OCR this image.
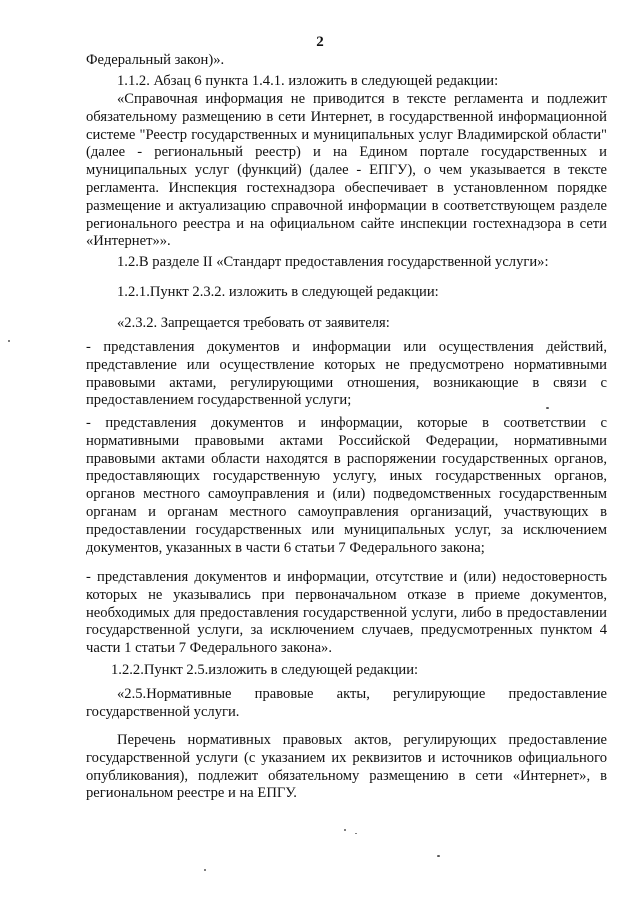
2

Федеральный закон)».

1.1.2. Абзац 6 пункта 1.4.1. изложить в следующей редакции:

«Справочная информация не приводится в тексте регламента и подлежит обязательному размещению в сети Интернет, в государственной информационной системе "Реестр государственных и муниципальных услуг Владимирской области" (далее - региональный реестр) и на Едином портале государственных и муниципальных услуг (функций) (далее - ЕПГУ), о чем указывается в тексте регламента. Инспекция гостехнадзора обеспечивает в установленном порядке размещение и актуализацию справочной информации в соответствующем разделе регионального реестра и на официальном сайте инспекции гостехнадзора в сети «Интернет»».

1.2.В разделе II «Стандарт предоставления государственной услуги»:

1.2.1.Пункт 2.3.2. изложить в следующей редакции:

«2.3.2. Запрещается требовать от заявителя:

- представления документов и информации или осуществления действий, представление или осуществление которых не предусмотрено нормативными правовыми актами, регулирующими отношения, возникающие в связи с предоставлением государственной услуги;

- представления документов и информации, которые в соответствии с нормативными правовыми актами Российской Федерации, нормативными правовыми актами области находятся в распоряжении государственных органов, предоставляющих государственную услугу, иных государственных органов, органов местного самоуправления и (или) подведомственных государственным органам и органам местного самоуправления организаций, участвующих в предоставлении государственных или муниципальных услуг, за исключением документов, указанных в части 6 статьи 7 Федерального закона;

- представления документов и информации, отсутствие и (или) недостоверность которых не указывались при первоначальном отказе в приеме документов, необходимых для предоставления государственной услуги, либо в предоставлении государственной услуги, за исключением случаев, предусмотренных пунктом 4 части 1 статьи 7 Федерального закона».

1.2.2.Пункт 2.5.изложить в следующей редакции:

«2.5.Нормативные правовые акты, регулирующие предоставление государственной услуги.

Перечень нормативных правовых актов, регулирующих предоставление государственной услуги (с указанием их реквизитов и источников официального опубликования), подлежит обязательному размещению в сети «Интернет», в региональном реестре и на ЕПГУ.
